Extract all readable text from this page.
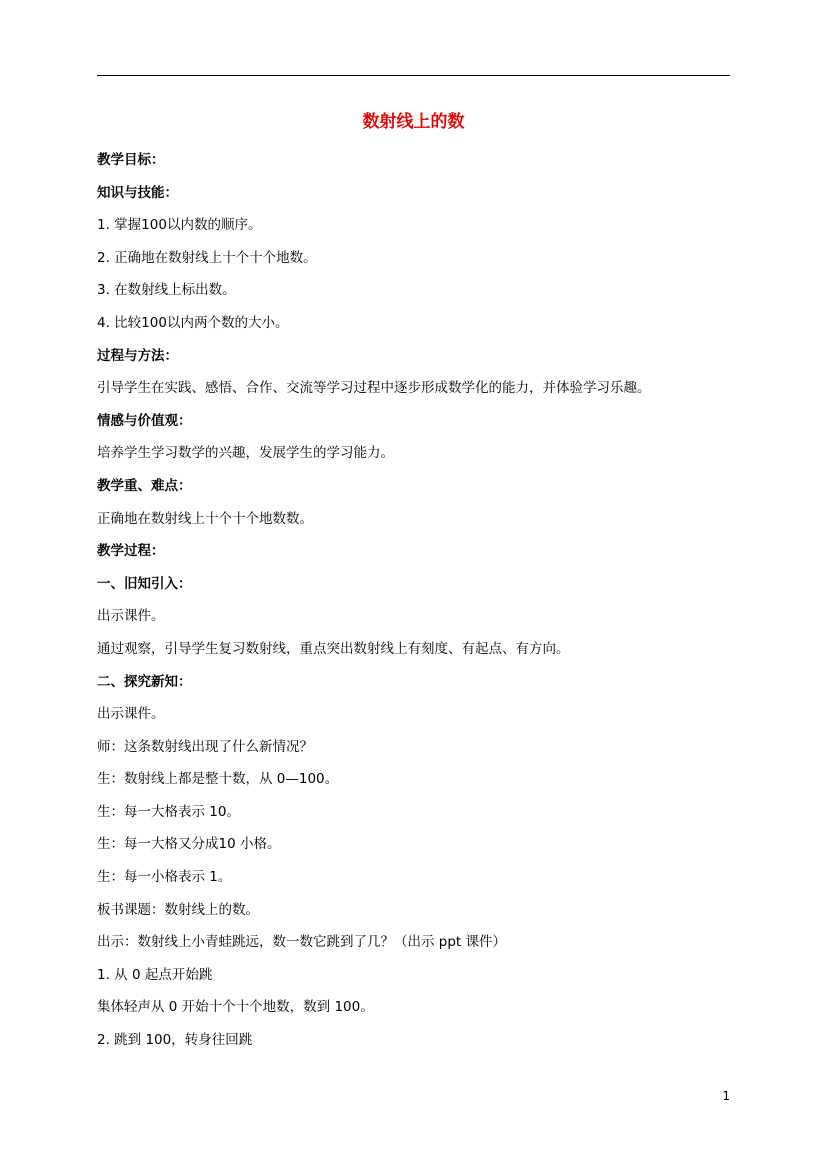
数射线上的数
教学目标：
知识与技能：
1. 掌握100以内数的顺序。
2. 正确地在数射线上十个十个地数。
3. 在数射线上标出数。
4. 比较100以内两个数的大小。
过程与方法：
引导学生在实践、感悟、合作、交流等学习过程中逐步形成数学化的能力，并体验学习乐趣。
情感与价值观：
培养学生学习数学的兴趣，发展学生的学习能力。
教学重、难点：
正确地在数射线上十个十个地数数。
教学过程：
一、旧知引入：
出示课件。
通过观察，引导学生复习数射线，重点突出数射线上有刻度、有起点、有方向。
二、探究新知：
出示课件。
师：这条数射线出现了什么新情况？
生：数射线上都是整十数，从 0—100。
生：每一大格表示 10。
生：每一大格又分成10 小格。
生：每一小格表示 1。
板书课题：数射线上的数。
出示：数射线上小青蛙跳远，数一数它跳到了几？（出示 ppt 课件）
1. 从 0 起点开始跳
集体轻声从 0 开始十个十个地数，数到 100。
2. 跳到 100，转身往回跳
1
